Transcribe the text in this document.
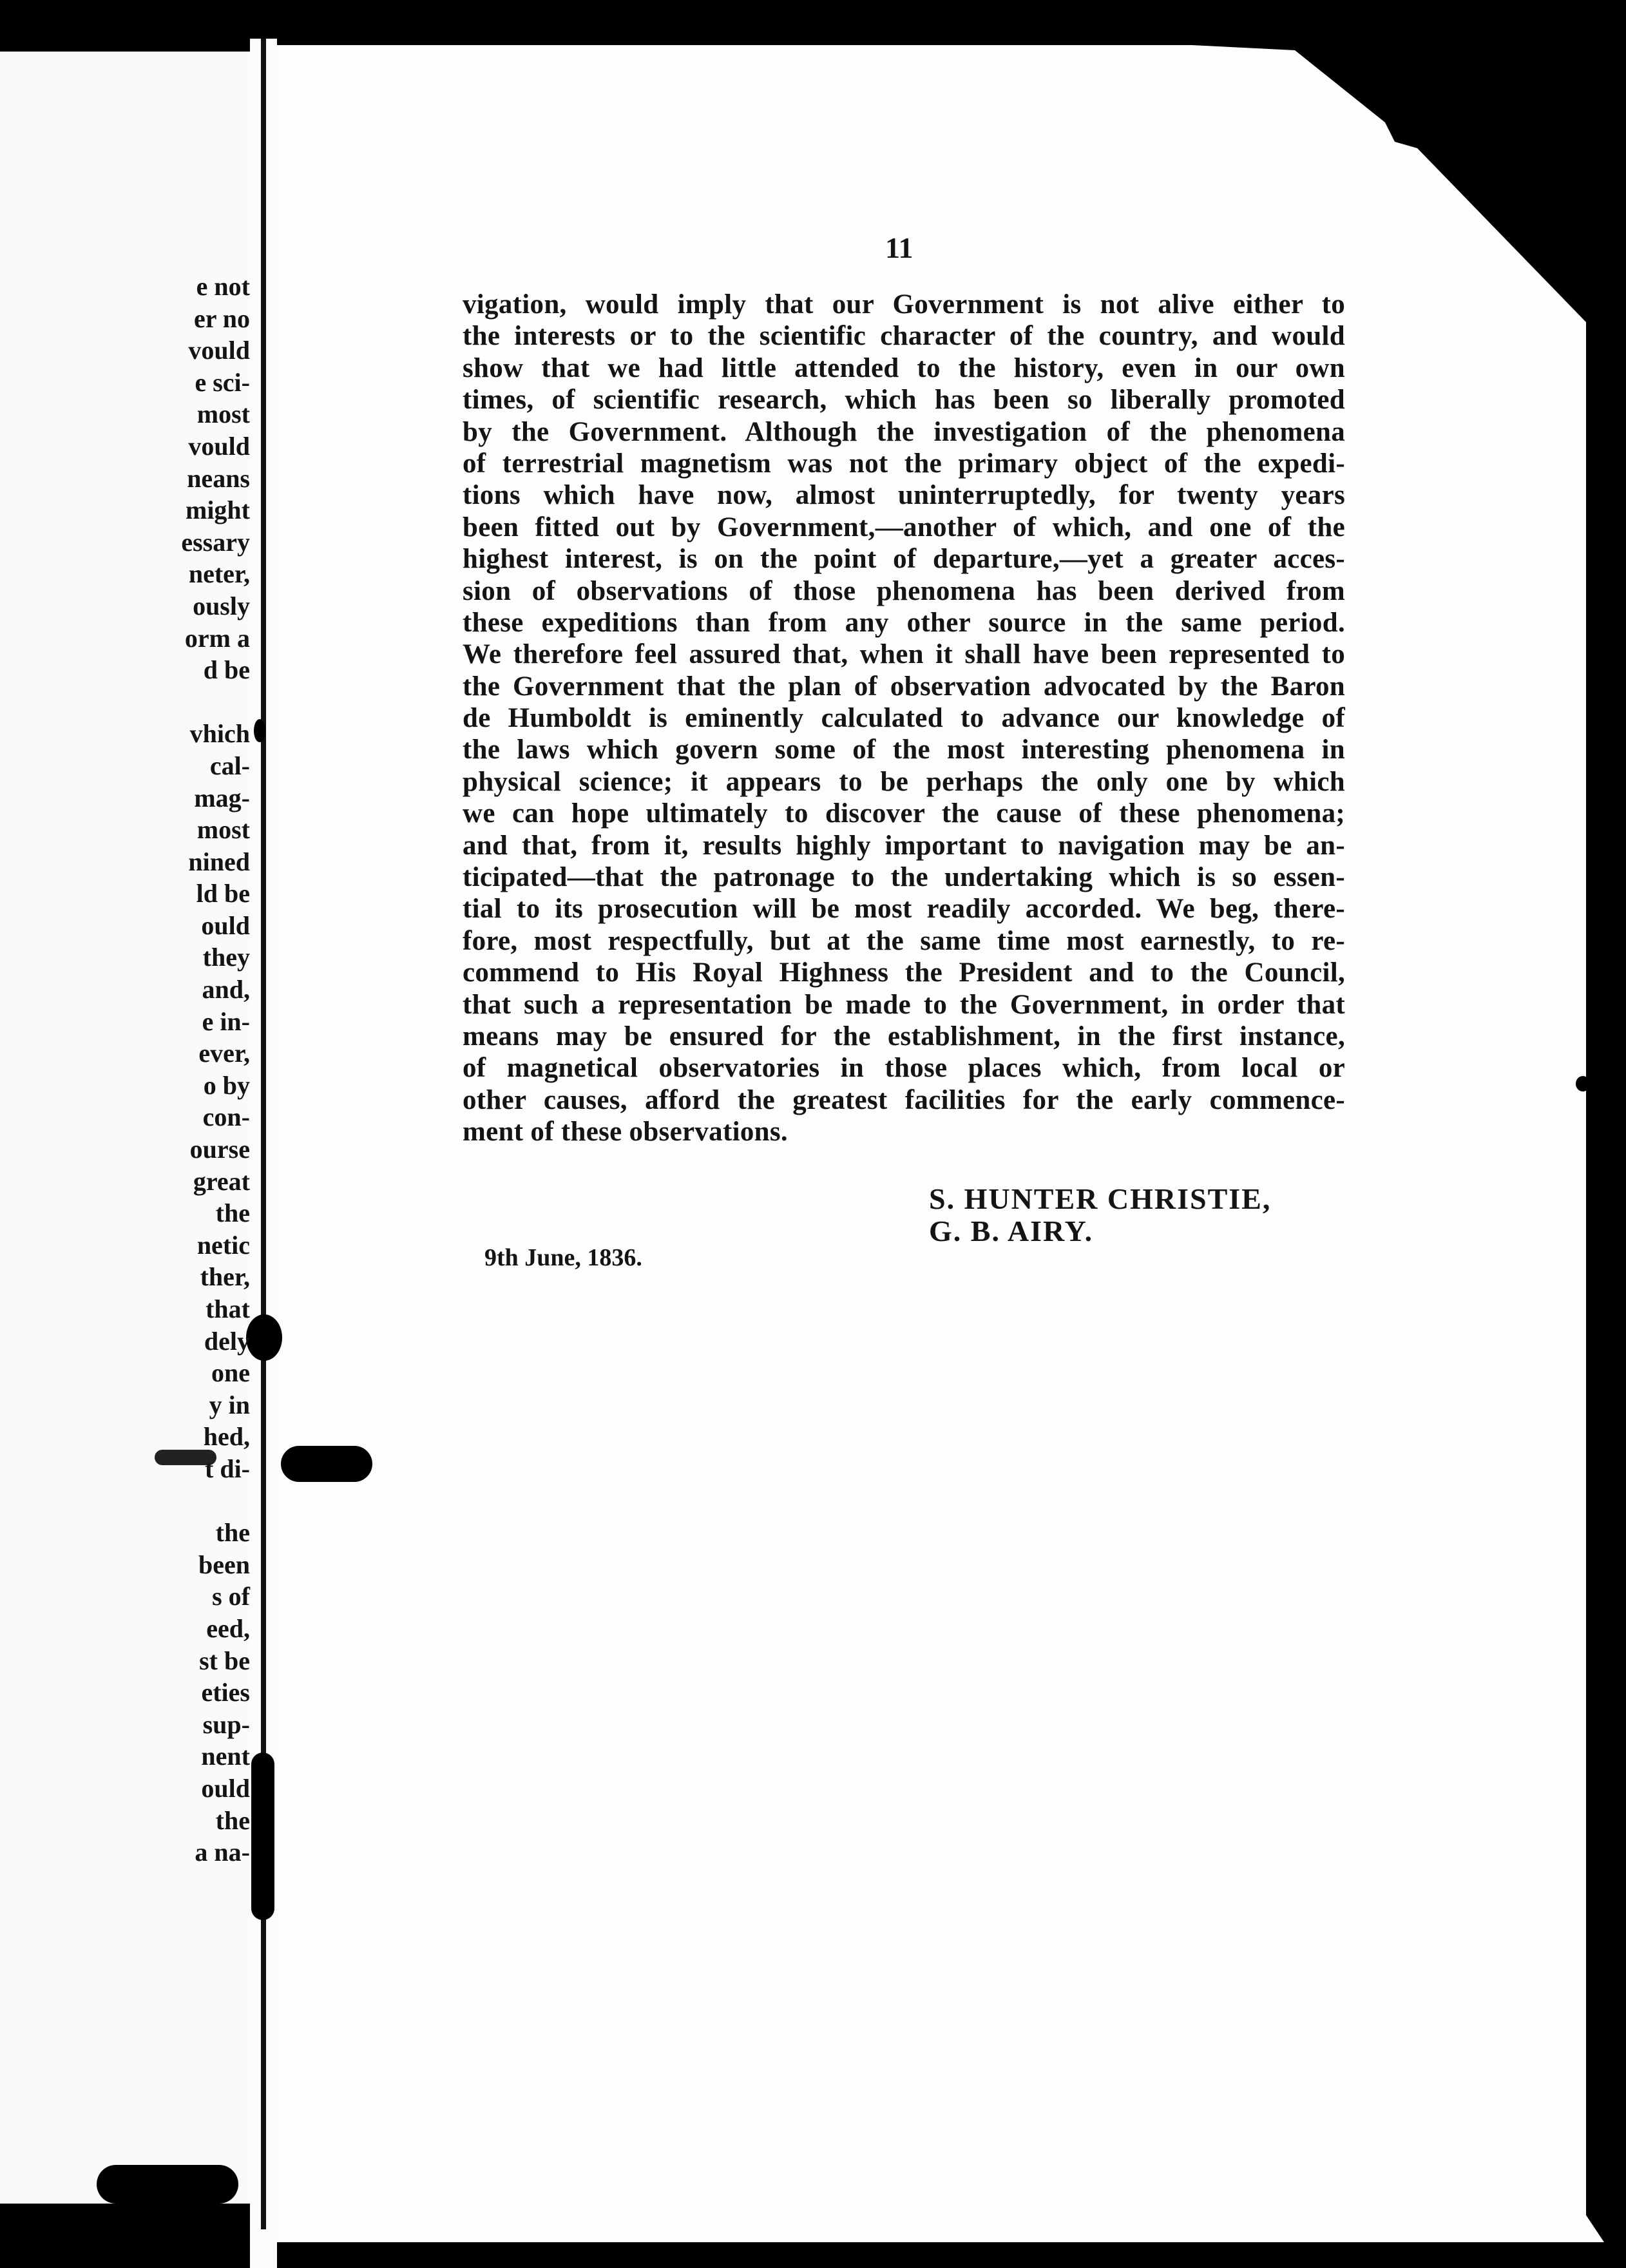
e not
er no
vould
e sci-
most
vould
neans
might
essary
neter,
ously
orm a
d be
vhich
cal-
mag-
most
nined
ld be
ould
they
and,
e in-
ever,
o by
con-
ourse
great
the
netic
ther,
that
dely
one
y in
hed,
t di-
the
been
s of
eed,
st be
eties
sup-
nent
ould
the
a na-
11
vigation, would imply that our Government is not alive either to
the interests or to the scientific character of the country, and would
show that we had little attended to the history, even in our own
times, of scientific research, which has been so liberally promoted
by the Government. Although the investigation of the phenomena
of terrestrial magnetism was not the primary object of the expedi-
tions which have now, almost uninterruptedly, for twenty years
been fitted out by Government,—another of which, and one of the
highest interest, is on the point of departure,—yet a greater acces-
sion of observations of those phenomena has been derived from
these expeditions than from any other source in the same period.
We therefore feel assured that, when it shall have been represented to
the Government that the plan of observation advocated by the Baron
de Humboldt is eminently calculated to advance our knowledge of
the laws which govern some of the most interesting phenomena in
physical science; it appears to be perhaps the only one by which
we can hope ultimately to discover the cause of these phenomena;
and that, from it, results highly important to navigation may be an-
ticipated—that the patronage to the undertaking which is so essen-
tial to its prosecution will be most readily accorded. We beg, there-
fore, most respectfully, but at the same time most earnestly, to re-
commend to His Royal Highness the President and to the Council,
that such a representation be made to the Government, in order that
means may be ensured for the establishment, in the first instance,
of magnetical observatories in those places which, from local or
other causes, afford the greatest facilities for the early commence-
ment of these observations.
S. HUNTER CHRISTIE,
G. B. AIRY.
9th June, 1836.
